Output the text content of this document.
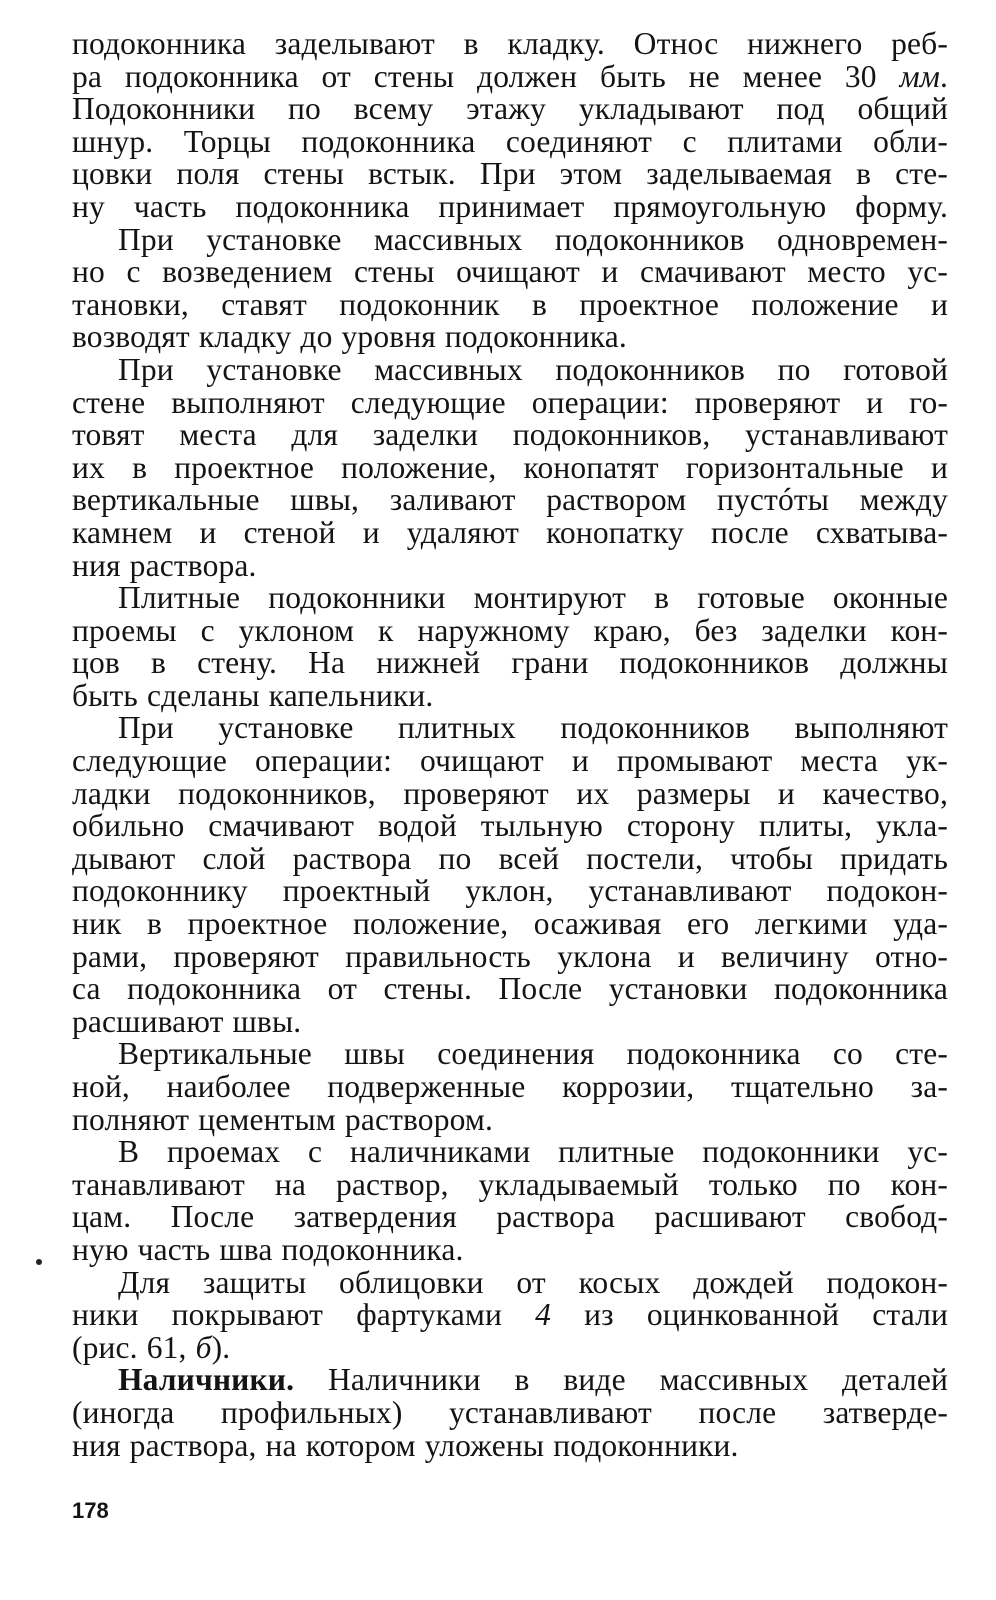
подоконника заделывают в кладку. Относ нижнего реб-
ра подоконника от стены должен быть не менее 30 мм.
Подоконники по всему этажу укладывают под общий
шнур. Торцы подоконника соединяют с плитами обли-
цовки поля стены встык. При этом заделываемая в сте-
ну часть подоконника принимает прямоугольную форму.
При установке массивных подоконников одновремен-
но с возведением стены очищают и смачивают место ус-
тановки, ставят подоконник в проектное положение и
возводят кладку до уровня подоконника.
При установке массивных подоконников по готовой
стене выполняют следующие операции: проверяют и го-
товят места для заделки подоконников, устанавливают
их в проектное положение, конопатят горизонтальные и
вертикальные швы, заливают раствором пустóты между
камнем и стеной и удаляют конопатку после схватыва-
ния раствора.
Плитные подоконники монтируют в готовые оконные
проемы с уклоном к наружному краю, без заделки кон-
цов в стену. На нижней грани подоконников должны
быть сделаны капельники.
При установке плитных подоконников выполняют
следующие операции: очищают и промывают места ук-
ладки подоконников, проверяют их размеры и качество,
обильно смачивают водой тыльную сторону плиты, укла-
дывают слой раствора по всей постели, чтобы придать
подоконнику проектный уклон, устанавливают подокон-
ник в проектное положение, осаживая его легкими уда-
рами, проверяют правильность уклона и величину отно-
са подоконника от стены. После установки подоконника
расшивают швы.
Вертикальные швы соединения подоконника со сте-
ной, наиболее подверженные коррозии, тщательно за-
полняют цементым раствором.
В проемах с наличниками плитные подоконники ус-
танавливают на раствор, укладываемый только по кон-
цам. После затвердения раствора расшивают свобод-
ную часть шва подоконника.
Для защиты облицовки от косых дождей подокон-
ники покрывают фартуками 4 из оцинкованной стали
(рис. 61, б).
Наличники. Наличники в виде массивных деталей
(иногда профильных) устанавливают после затверде-
ния раствора, на котором уложены подоконники.
178
